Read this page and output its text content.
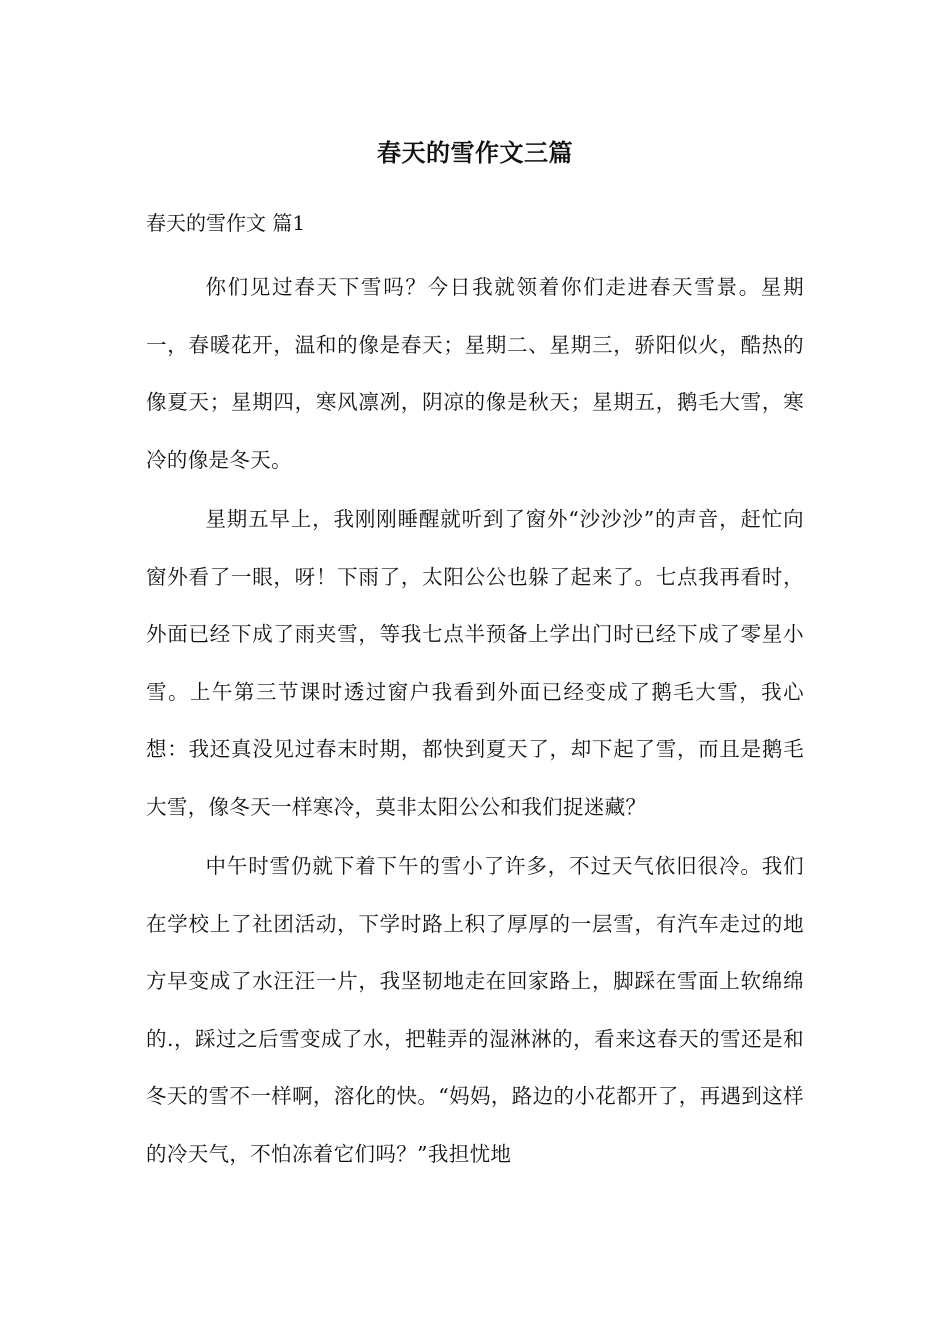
春天的雪作文三篇
春天的雪作文 篇1

你们见过春天下雪吗？今日我就领着你们走进春天雪景。星期一，春暖花开，温和的像是春天；星期二、星期三，骄阳似火，酷热的像夏天；星期四，寒风凛冽，阴凉的像是秋天；星期五，鹅毛大雪，寒冷的像是冬天。

星期五早上，我刚刚睡醒就听到了窗外“沙沙沙”的声音，赶忙向窗外看了一眼，呀！下雨了，太阳公公也躲了起来了。七点我再看时，外面已经下成了雨夹雪，等我七点半预备上学出门时已经下成了零星小雪。上午第三节课时透过窗户我看到外面已经变成了鹅毛大雪，我心想：我还真没见过春末时期，都快到夏天了，却下起了雪，而且是鹅毛大雪，像冬天一样寒冷，莫非太阳公公和我们捉迷藏？

中午时雪仍就下着下午的雪小了许多，不过天气依旧很冷。我们在学校上了社团活动，下学时路上积了厚厚的一层雪，有汽车走过的地方早变成了水汪汪一片，我坚韧地走在回家路上，脚踩在雪面上软绵绵的.，踩过之后雪变成了水，把鞋弄的湿淋淋的，看来这春天的雪还是和冬天的雪不一样啊，溶化的快。“妈妈，路边的小花都开了，再遇到这样的冷天气，不怕冻着它们吗？”我担忧地
